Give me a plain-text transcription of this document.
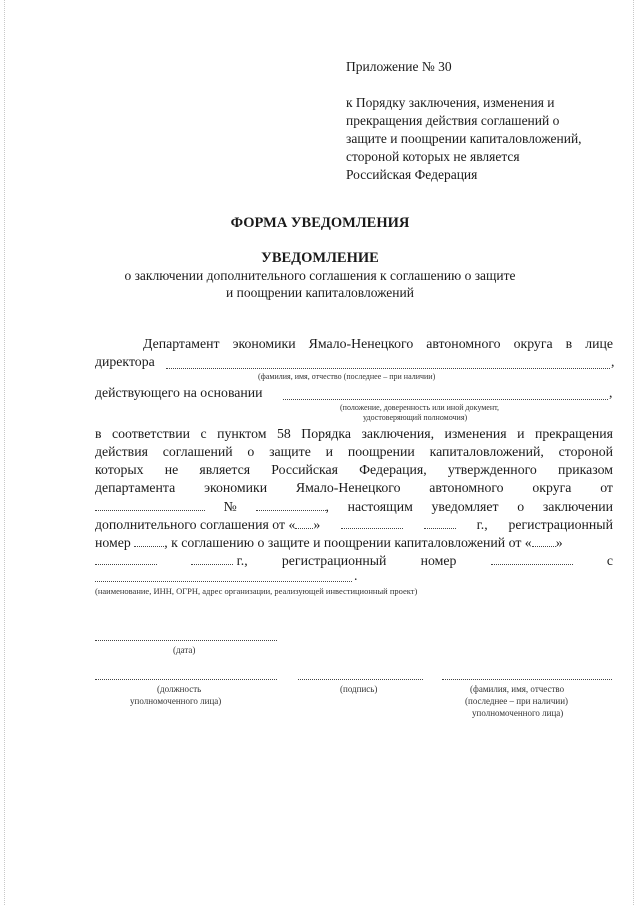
Приложение № 30
к Порядку заключения, изменения и
прекращения действия соглашений о
защите и поощрении капиталовложений,
стороной которых не является
Российская Федерация
ФОРМА УВЕДОМЛЕНИЯ
УВЕДОМЛЕНИЕ
о заключении дополнительного соглашения к соглашению о защите
и поощрении капиталовложений
Департамент экономики Ямало-Ненецкого автономного округа в лице
директора	,
(фамилия, имя, отчество (последнее – при наличии)
действующего на основании	,
(положение, доверенность или иной документ,
удостоверяющий полномочия)
в соответствии с пунктом 58 Порядка заключения, изменения и прекращения
действия соглашений о защите и поощрении капиталовложений, стороной
которых не является Российская Федерация, утвержденного приказом
департамента экономики Ямало-Ненецкого автономного округа от
№	, настоящим уведомляет о заключении
дополнительного соглашения от « »	г., регистрационный
номер , к соглашению о защите и поощрении капиталовложений от « »
г., регистрационный номер	с
.
(наименование, ИНН, ОГРН, адрес организации, реализующей инвестиционный проект)
(дата)
(должность
уполномоченного лица)
(подпись)	(фамилия, имя, отчество
(последнее – при наличии)
уполномоченного лица)
